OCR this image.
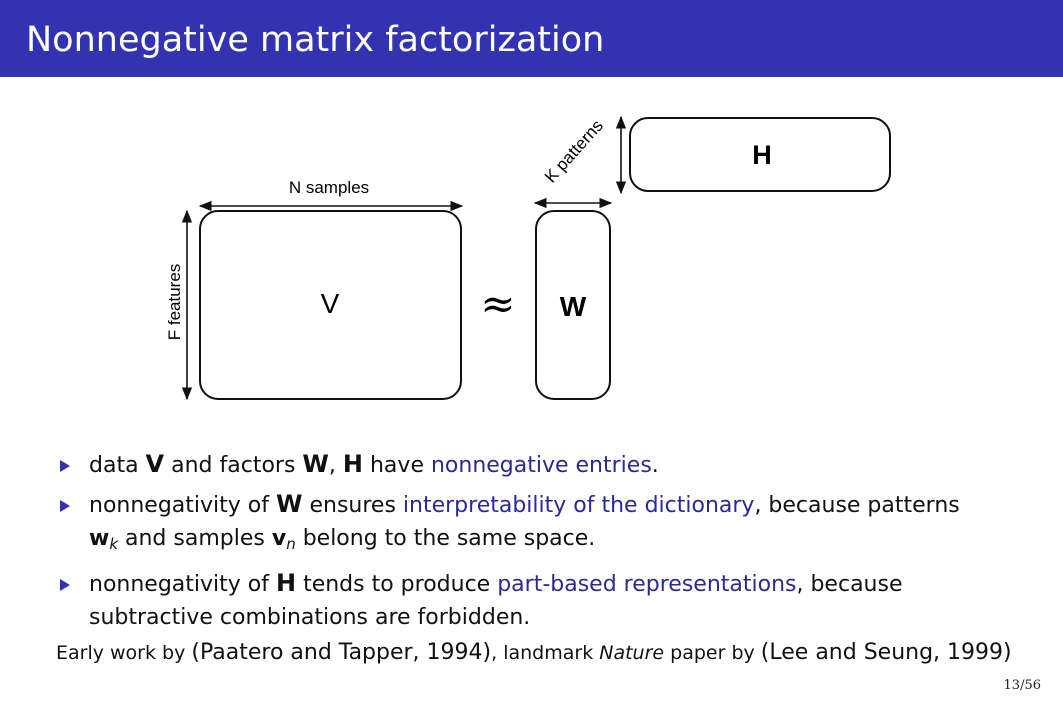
Nonnegative matrix factorization
V
N samples
F features	≈ W
K patterns	H
data V and factors W, H have nonnegative entries.
nonnegativity of W ensures interpretability of the dictionary, because patterns
$w_k$ and samples $v_n$ belong to the same space.
nonnegativity of H tends to produce part-based representations, because subtractive combinations are forbidden.
Early work by (Paatero and Tapper, 1994), landmark Nature paper by (Lee and Seung, 1999)
13/56
